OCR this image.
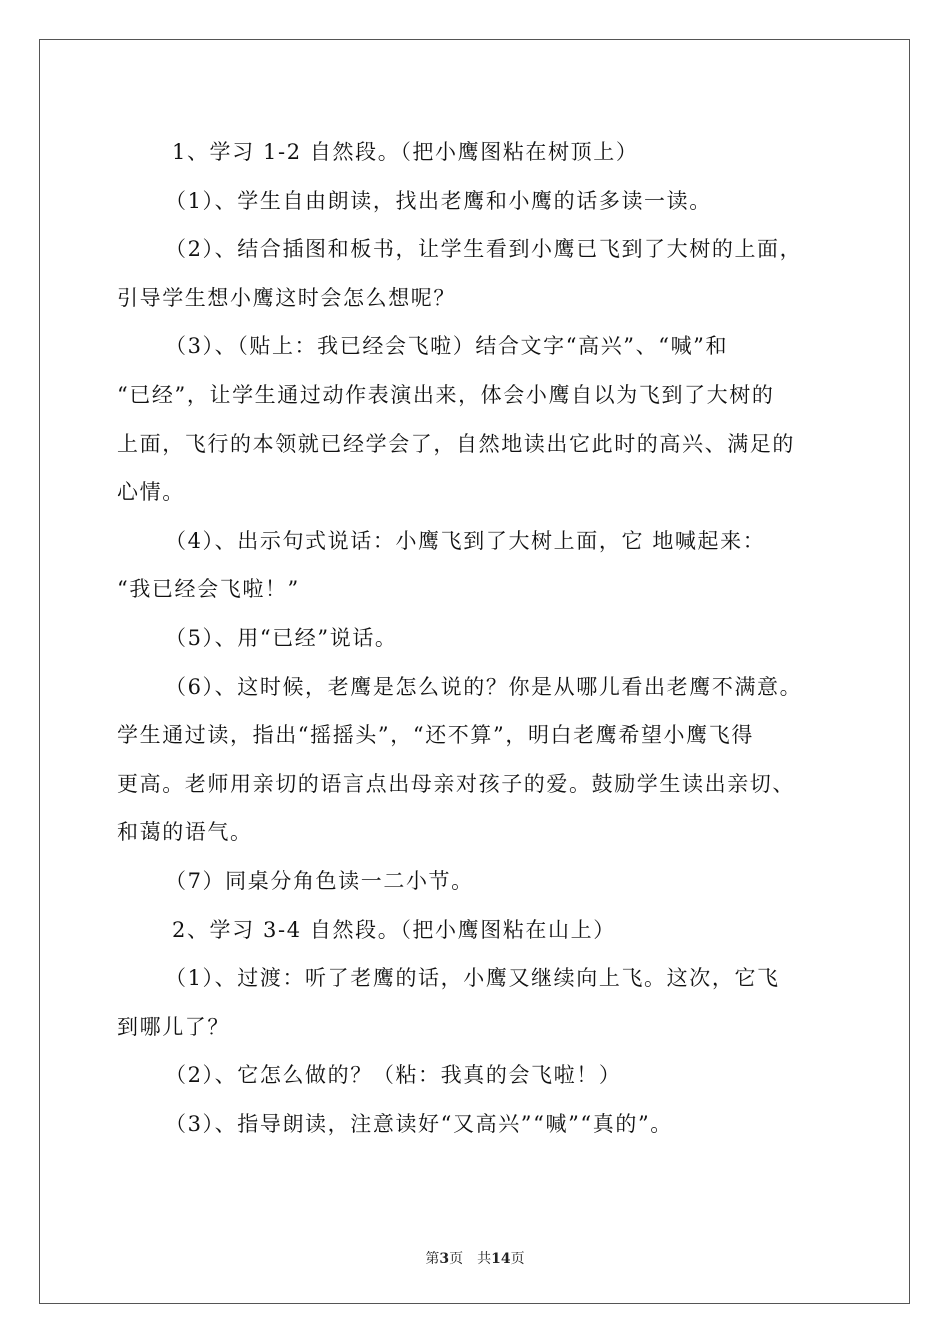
1、学习 1-2 自然段。（把小鹰图粘在树顶上）
（1）、学生自由朗读，找出老鹰和小鹰的话多读一读。
（2）、结合插图和板书，让学生看到小鹰已飞到了大树的上面，
引导学生想小鹰这时会怎么想呢？
（3）、（贴上：我已经会飞啦）结合文字“高兴”、“喊”和
“已经”，让学生通过动作表演出来，体会小鹰自以为飞到了大树的
上面，飞行的本领就已经学会了，自然地读出它此时的高兴、满足的
心情。
（4）、出示句式说话：小鹰飞到了大树上面，它 地喊起来：
“我已经会飞啦！”
（5）、用“已经”说话。
（6）、这时候，老鹰是怎么说的？你是从哪儿看出老鹰不满意。
学生通过读，指出“摇摇头”，“还不算”，明白老鹰希望小鹰飞得
更高。老师用亲切的语言点出母亲对孩子的爱。鼓励学生读出亲切、
和蔼的语气。
（7）同桌分角色读一二小节。
2、学习 3-4 自然段。（把小鹰图粘在山上）
（1）、过渡：听了老鹰的话，小鹰又继续向上飞。这次，它飞
到哪儿了？
（2）、它怎么做的？（粘：我真的会飞啦！）
（3）、指导朗读，注意读好“又高兴”“喊”“真的”。
第3页 共14页
